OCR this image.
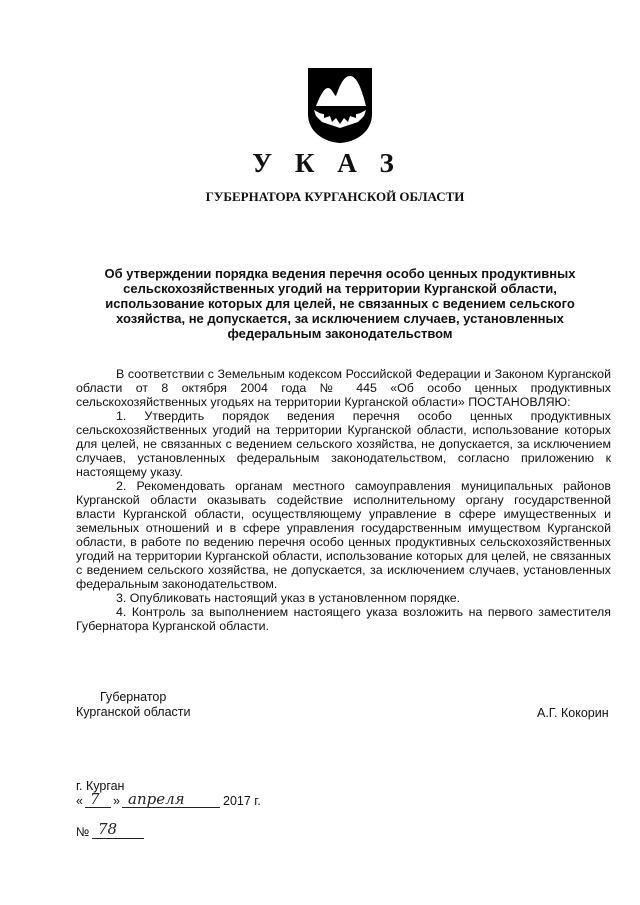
У К А З
ГУБЕРНАТОРА КУРГАНСКОЙ ОБЛАСТИ
Об утверждении порядка ведения перечня особо ценных продуктивных сельскохозяйственных угодий на территории Курганской области, использование которых для целей, не связанных с ведением сельского хозяйства, не допускается, за исключением случаев, установленных федеральным законодательством

В соответствии с Земельным кодексом Российской Федерации и Законом Курганской области от 8 октября 2004 года № 445 «Об особо ценных продуктивных сельскохозяйственных угодьях на территории Курганской области» ПОСТАНОВЛЯЮ:

1. Утвердить порядок ведения перечня особо ценных продуктивных сельскохозяйственных угодий на территории Курганской области, использование которых для целей, не связанных с ведением сельского хозяйства, не допускается, за исключением случаев, установленных федеральным законодательством, согласно приложению к настоящему указу.

2. Рекомендовать органам местного самоуправления муниципальных районов Курганской области оказывать содействие исполнительному органу государственной власти Курганской области, осуществляющему управление в сфере имущественных и земельных отношений и в сфере управления государственным имуществом Курганской области, в работе по ведению перечня особо ценных продуктивных сельскохозяйственных угодий на территории Курганской области, использование которых для целей, не связанных с ведением сельского хозяйства, не допускается, за исключением случаев, установленных федеральным законодательством.

3. Опубликовать настоящий указ в установленном порядке.

4. Контроль за выполнением настоящего указа возложить на первого заместителя Губернатора Курганской области.

Губернатор
Курганской области	А.Г. Кокорин
г. Курган
« 7 » апреля	2017 г.
№ 78
